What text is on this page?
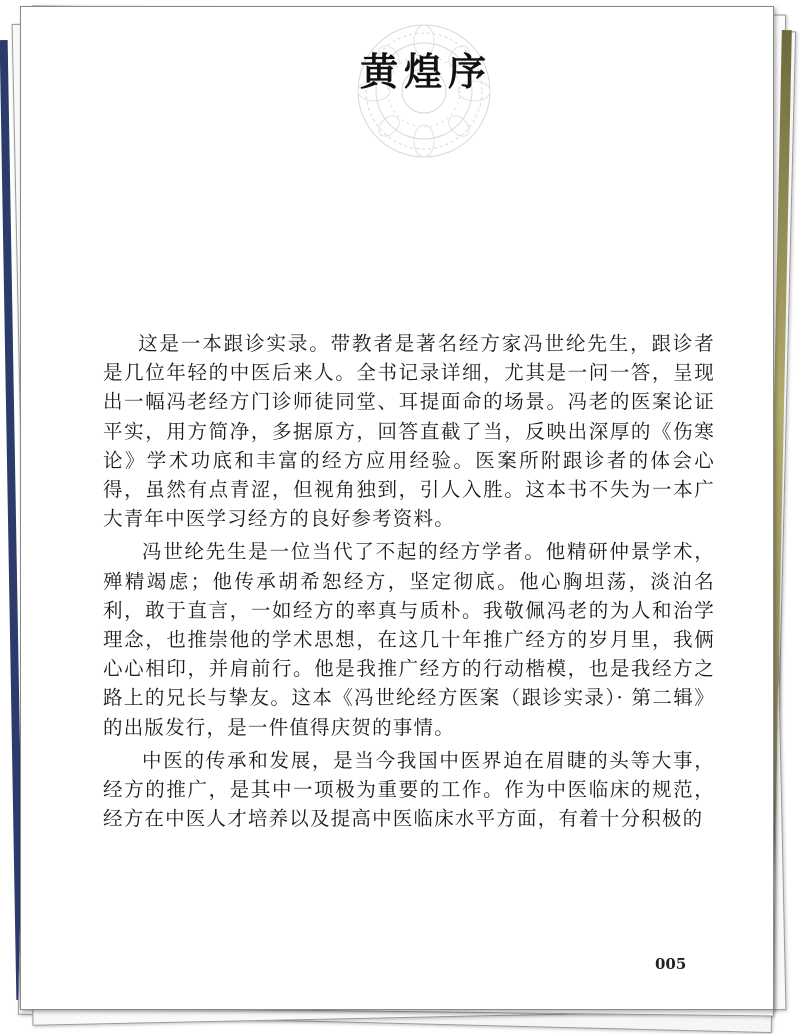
黄煌序

这是一本跟诊实录。带教者是著名经方家冯世纶先生，跟诊者是几位年轻的中医后来人。全书记录详细，尤其是一问一答，呈现出一幅冯老经方门诊师徒同堂、耳提面命的场景。冯老的医案论证平实，用方简净，多据原方，回答直截了当，反映出深厚的《伤寒论》学术功底和丰富的经方应用经验。医案所附跟诊者的体会心得，虽然有点青涩，但视角独到，引人入胜。这本书不失为一本广大青年中医学习经方的良好参考资料。

冯世纶先生是一位当代了不起的经方学者。他精研仲景学术，殚精竭虑；他传承胡希恕经方，坚定彻底。他心胸坦荡，淡泊名利，敢于直言，一如经方的率真与质朴。我敬佩冯老的为人和治学理念，也推崇他的学术思想，在这几十年推广经方的岁月里，我俩心心相印，并肩前行。他是我推广经方的行动楷模，也是我经方之路上的兄长与挚友。这本《冯世纶经方医案（跟诊实录）· 第二辑》的出版发行，是一件值得庆贺的事情。

中医的传承和发展，是当今我国中医界迫在眉睫的头等大事，经方的推广，是其中一项极为重要的工作。作为中医临床的规范，经方在中医人才培养以及提高中医临床水平方面，有着十分积极的

005
